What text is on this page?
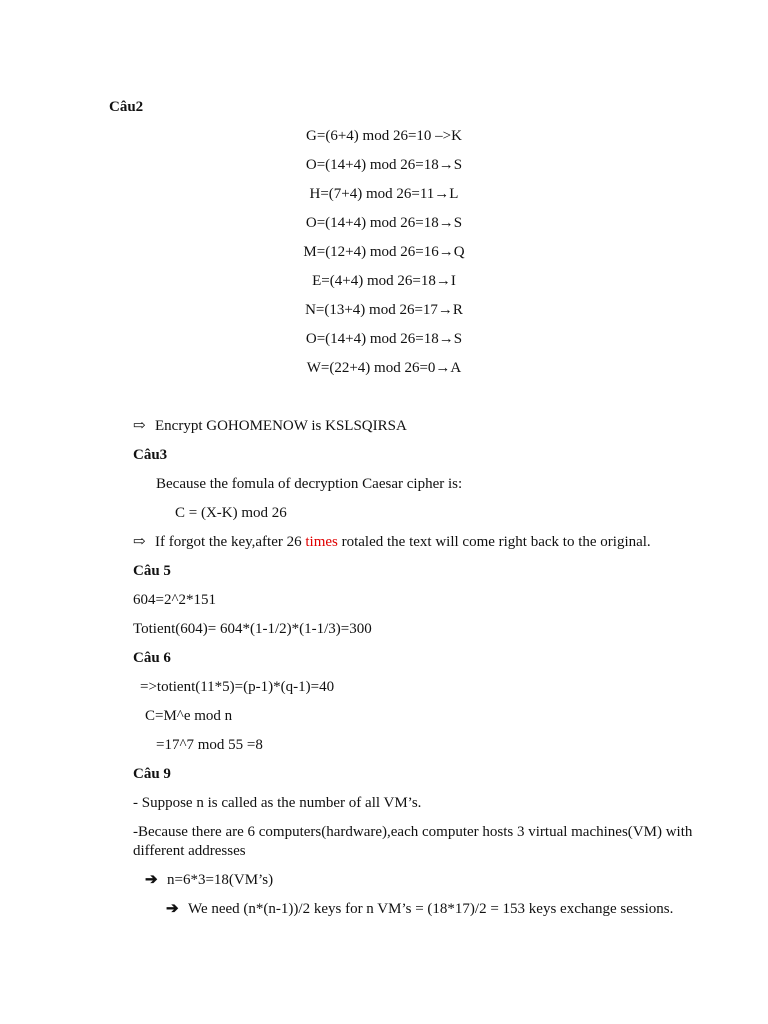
Câu2
G=(6+4) mod 26=10 –>K
O=(14+4) mod 26=18→S
H=(7+4) mod 26=11→L
O=(14+4) mod 26=18→S
M=(12+4) mod 26=16→Q
E=(4+4) mod 26=18→I
N=(13+4) mod 26=17→R
O=(14+4) mod 26=18→S
W=(22+4) mod 26=0→A
⇨ Encrypt GOHOMENOW is KSLSQIRSA
Câu3
Because the fomula of decryption Caesar cipher is:
C = (X-K) mod 26
⇨ If forgot the key,after 26 times rotaled the text will come right back to the original.
Câu 5
604=2^2*151
Totient(604)= 604*(1-1/2)*(1-1/3)=300
Câu 6
=>totient(11*5)=(p-1)*(q-1)=40
C=M^e mod n
=17^7 mod 55 =8
Câu 9
- Suppose n is called as the number of all VM’s.
-Because there are 6 computers(hardware),each computer hosts 3 virtual machines(VM) with
different addresses
➔ n=6*3=18(VM’s)
➔ We need (n*(n-1))/2 keys for n VM’s = (18*17)/2 = 153 keys exchange sessions.
